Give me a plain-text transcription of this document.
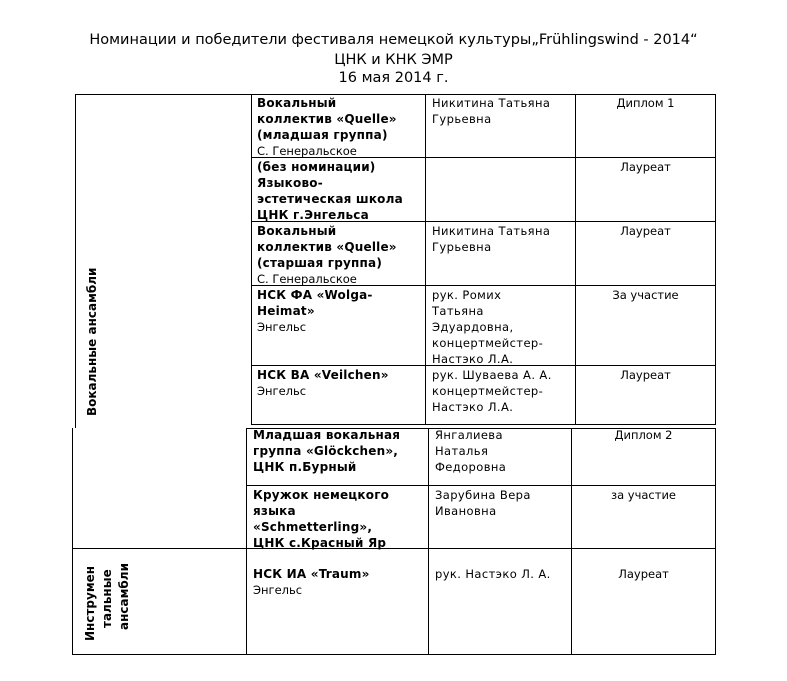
Номинации и победители фестиваля немецкой культуры„Frühlingswind - 2014“
ЦНК и КНК ЭМР
16 мая 2014 г.
Вокальные ансамбли
Инструмен тальные ансамбли
Вокальный
коллектив «Quelle»
(младшая группа)
С. Генеральское
Никитина Татьяна
Гурьевна
Диплом 1
(без номинации)
Языково-
эстетическая школа
ЦНК г.Энгельса
Лауреат
Вокальный
коллектив «Quelle»
(старшая группа)
С. Генеральское
Никитина Татьяна
Гурьевна
Лауреат
НСК ФА «Wolga-
Heimat»
Энгельс
рук. Ромих
Татьяна
Эдуардовна,
концертмейстер-
Настэко Л.А.
За участие
НСК ВА «Veilchen»
Энгельс
рук. Шуваева А. А.
концертмейстер-
Настэко Л.А.
Лауреат
Младшая вокальная
группа «Glöckchen»,
ЦНК п.Бурный
Янгалиева
Наталья
Федоровна
Диплом 2
Кружок немецкого
языка
«Schmetterling»,
ЦНК с.Красный Яр
Зарубина Вера
Ивановна
за участие
НСК ИА «Traum»
Энгельс
рук. Настэко Л. А.	Лауреат
